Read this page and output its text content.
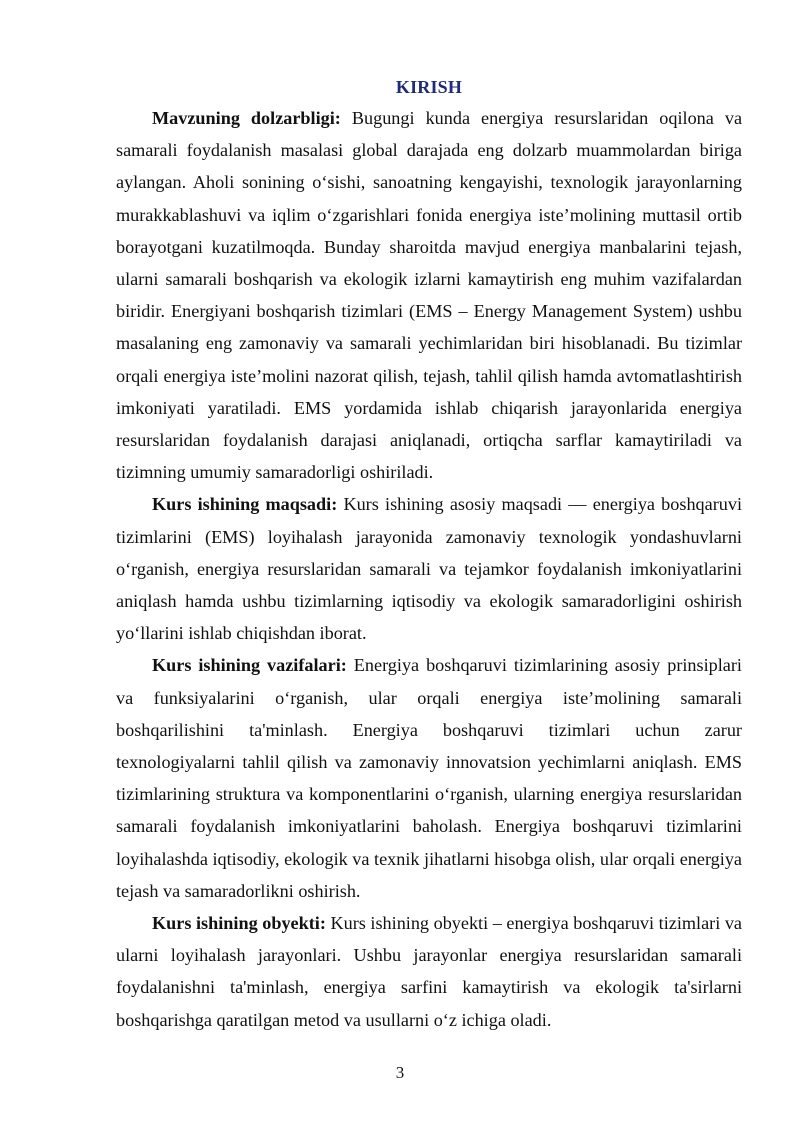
KIRISH

Mavzuning dolzarbligi: Bugungi kunda energiya resurslaridan oqilona va samarali foydalanish masalasi global darajada eng dolzarb muammolardan biriga aylangan. Aholi sonining o‘sishi, sanoatning kengayishi, texnologik jarayonlarning murakkablashuvi va iqlim o‘zgarishlari fonida energiya iste’molining muttasil ortib borayotgani kuzatilmoqda. Bunday sharoitda mavjud energiya manbalarini tejash, ularni samarali boshqarish va ekologik izlarni kamaytirish eng muhim vazifalardan biridir. Energiyani boshqarish tizimlari (EMS – Energy Management System) ushbu masalaning eng zamonaviy va samarali yechimlaridan biri hisoblanadi. Bu tizimlar orqali energiya iste’molini nazorat qilish, tejash, tahlil qilish hamda avtomatlashtirish imkoniyati yaratiladi. EMS yordamida ishlab chiqarish jarayonlarida energiya resurslaridan foydalanish darajasi aniqlanadi, ortiqcha sarflar kamaytiriladi va tizimning umumiy samaradorligi oshiriladi.

Kurs ishining maqsadi: Kurs ishining asosiy maqsadi — energiya boshqaruvi tizimlarini (EMS) loyihalash jarayonida zamonaviy texnologik yondashuvlarni o‘rganish, energiya resurslaridan samarali va tejamkor foydalanish imkoniyatlarini aniqlash hamda ushbu tizimlarning iqtisodiy va ekologik samaradorligini oshirish yo‘llarini ishlab chiqishdan iborat.

Kurs ishining vazifalari: Energiya boshqaruvi tizimlarining asosiy prinsiplari va funksiyalarini o‘rganish, ular orqali energiya iste’molining samarali boshqarilishini ta'minlash. Energiya boshqaruvi tizimlari uchun zarur texnologiyalarni tahlil qilish va zamonaviy innovatsion yechimlarni aniqlash. EMS tizimlarining struktura va komponentlarini o‘rganish, ularning energiya resurslaridan samarali foydalanish imkoniyatlarini baholash. Energiya boshqaruvi tizimlarini loyihalashda iqtisodiy, ekologik va texnik jihatlarni hisobga olish, ular orqali energiya tejash va samaradorlikni oshirish.

Kurs ishining obyekti: Kurs ishining obyekti – energiya boshqaruvi tizimlari va ularni loyihalash jarayonlari. Ushbu jarayonlar energiya resurslaridan samarali foydalanishni ta'minlash, energiya sarfini kamaytirish va ekologik ta'sirlarni boshqarishga qaratilgan metod va usullarni o‘z ichiga oladi.

3
